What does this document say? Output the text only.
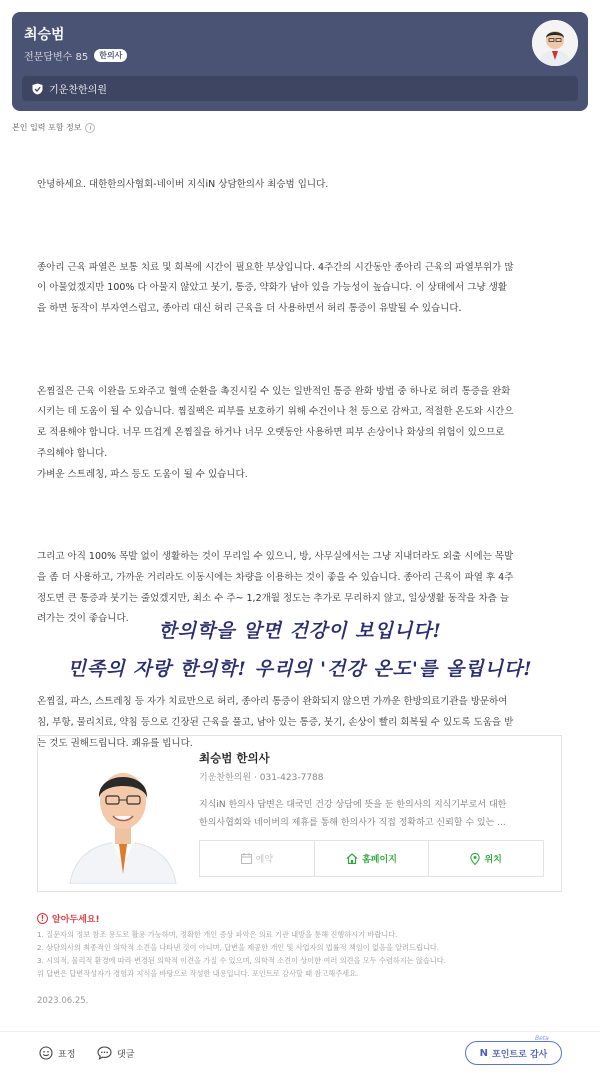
최승범
전문답변수 85	한의사
기운찬한의원
본인 입력 포함 정보	i

안녕하세요. 대한한의사협회-네이버 지식iN 상담한의사 최승범 입니다.

종아리 근육 파열은 보통 치료 및 회복에 시간이 필요한 부상입니다. 4주간의 시간동안 종아리 근육의 파열부위가 많
이 아물었겠지만 100% 다 아물지 않았고 붓기, 통증, 약화가 남아 있을 가능성이 높습니다. 이 상태에서 그냥 생활
을 하면 동작이 부자연스럽고, 종아리 대신 허리 근육을 더 사용하면서 허리 통증이 유발될 수 있습니다.

온찜질은 근육 이완을 도와주고 혈액 순환을 촉진시킬 수 있는 일반적인 통증 완화 방법 중 하나로 허리 통증을 완화
시키는 데 도움이 될 수 있습니다. 찜질팩은 피부를 보호하기 위해 수건이나 천 등으로 감싸고, 적절한 온도와 시간으
로 적용해야 합니다. 너무 뜨겁게 온찜질을 하거나 너무 오랫동안 사용하면 피부 손상이나 화상의 위험이 있으므로
주의해야 합니다.
가벼운 스트레칭, 파스 등도 도움이 될 수 있습니다.

그리고 아직 100% 목발 없이 생활하는 것이 무리일 수 있으니, 방, 사무실에서는 그냥 지내더라도 외출 시에는 목발
을 좀 더 사용하고, 가까운 거리라도 이동시에는 차량을 이용하는 것이 좋을 수 있습니다. 종아리 근육이 파열 후 4주
정도면 큰 통증과 붓기는 줄었겠지만, 최소 수 주~ 1,2개월 정도는 추가로 무리하지 않고, 일상생활 동작을 차츰 늘
려가는 것이 좋습니다.

온찜질, 파스, 스트레칭 등 자가 치료만으로 허리, 종아리 통증이 완화되지 않으면 가까운 한방의료기관을 방문하여
침, 부항, 물리치료, 약침 등으로 긴장된 근육을 풀고, 남아 있는 통증, 붓기, 손상이 빨리 회복될 수 있도록 도움을 받
는 것도 권해드립니다. 쾌유를 빕니다.

한의학을 알면 건강이 보입니다!
민족의 자랑 한의학! 우리의 '건강 온도'를 올립니다!
최승범 한의사
기운찬한의원 · 031-423-7788
지식iN 한의사 답변은 대국민 건강 상담에 뜻을 둔 한의사의 지식기부로서 대한
한의사협회와 네이버의 제휴를 통해 한의사가 직접 정확하고 신뢰할 수 있는 ...
예약	홈페이지	위치
! 알아두세요!
1. 질문자의 정보 참조 용도로 활용 가능하며, 정확한 개인 증상 파악은 의료 기관 내방을 통해 진행하시기 바랍니다.
2. 상담의사의 최종적인 의학적 소견을 나타낸 것이 아니며, 답변을 제공한 개인 및 사업자의 법률적 책임이 없음을 알려드립니다.
3. 시의적, 물리적 환경에 따라 변경된 의학적 이견을 가질 수 있으며, 의학적 소견이 상이한 여러 의견을 모두 수렴하지는 않습니다.
위 답변은 답변작성자가 경험과 지식을 바탕으로 작성한 내용입니다. 포인트로 감사할 때 참고해주세요.
2023.06.25.
표정	댓글
Beta
N 포인트로 감사
